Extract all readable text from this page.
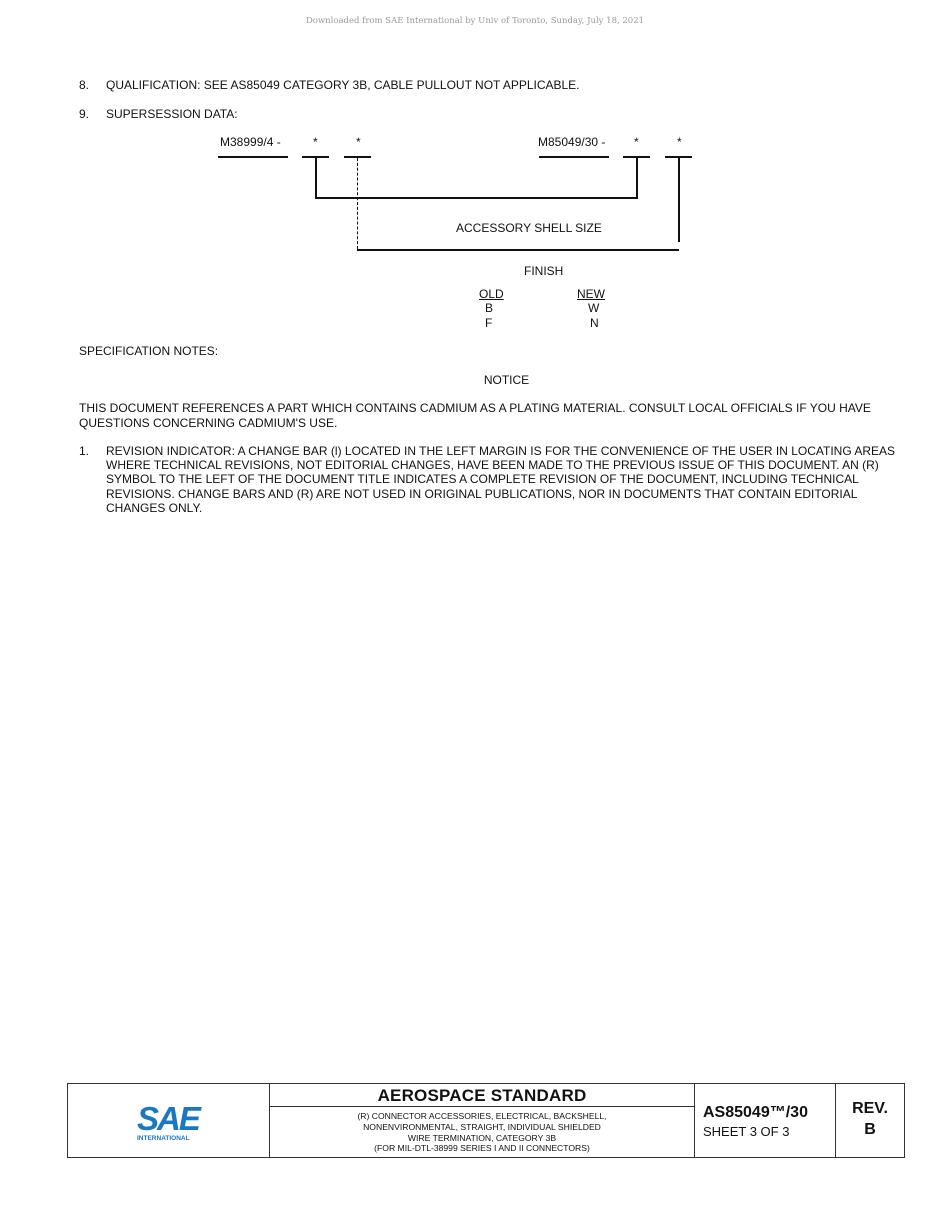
Downloaded from SAE International by Univ of Toronto, Sunday, July 18, 2021
8. QUALIFICATION: SEE AS85049 CATEGORY 3B, CABLE PULLOUT NOT APPLICABLE.
9. SUPERSESSION DATA:
M38999/4 -	*	*	M85049/30 - *	*
ACCESSORY SHELL SIZE
FINISH
OLD	NEW
B	W
F	N
SPECIFICATION NOTES:
NOTICE
THIS DOCUMENT REFERENCES A PART WHICH CONTAINS CADMIUM AS A PLATING MATERIAL. CONSULT LOCAL OFFICIALS IF YOU HAVE QUESTIONS CONCERNING CADMIUM'S USE.
1. REVISION INDICATOR: A CHANGE BAR (l) LOCATED IN THE LEFT MARGIN IS FOR THE CONVENIENCE OF THE USER IN LOCATING AREAS WHERE TECHNICAL REVISIONS, NOT EDITORIAL CHANGES, HAVE BEEN MADE TO THE PREVIOUS ISSUE OF THIS DOCUMENT. AN (R) SYMBOL TO THE LEFT OF THE DOCUMENT TITLE INDICATES A COMPLETE REVISION OF THE DOCUMENT, INCLUDING TECHNICAL REVISIONS. CHANGE BARS AND (R) ARE NOT USED IN ORIGINAL PUBLICATIONS, NOR IN DOCUMENTS THAT CONTAIN EDITORIAL CHANGES ONLY.
SAE
INTERNATIONAL
AEROSPACE STANDARD
(R) CONNECTOR ACCESSORIES, ELECTRICAL, BACKSHELL,
NONENVIRONMENTAL, STRAIGHT, INDIVIDUAL SHIELDED
WIRE TERMINATION, CATEGORY 3B
(FOR MIL-DTL-38999 SERIES I AND II CONNECTORS)
AS85049™/30
SHEET 3 OF 3
REV.
B
